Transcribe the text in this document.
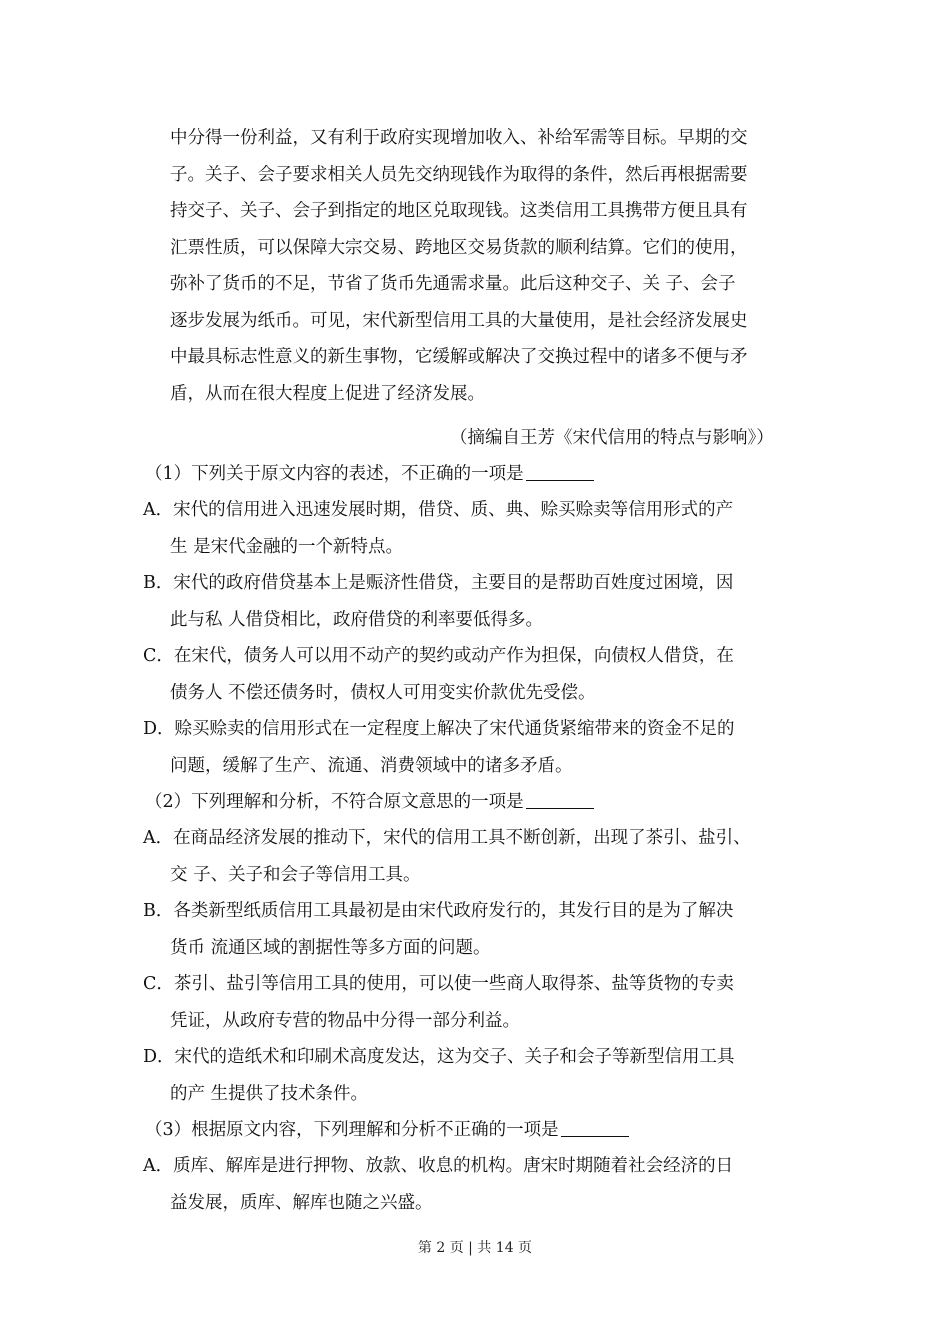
中分得一份利益，又有利于政府实现增加收入、补给军需等目标。早期的交

子。关子、会子要求相关人员先交纳现钱作为取得的条件，然后再根据需要

持交子、关子、会子到指定的地区兑取现钱。这类信用工具携带方便且具有

汇票性质，可以保障大宗交易、跨地区交易货款的顺利结算。它们的使用，

弥补了货币的不足，节省了货币先通需求量。此后这种交子、关 子、会子

逐步发展为纸币。可见，宋代新型信用工具的大量使用，是社会经济发展史

中最具标志性意义的新生事物，它缓解或解决了交换过程中的诸多不便与矛

盾，从而在很大程度上促进了经济发展。

（摘编自王芳《宋代信用的特点与影响》）
（1）下列关于原文内容的表述，不正确的一项是
A．宋代的信用进入迅速发展时期，借贷、质、典、赊买赊卖等信用形式的产
生 是宋代金融的一个新特点。
B．宋代的政府借贷基本上是赈济性借贷，主要目的是帮助百姓度过困境，因
此与私 人借贷相比，政府借贷的利率要低得多。
C．在宋代，债务人可以用不动产的契约或动产作为担保，向债权人借贷，在
债务人 不偿还债务时，债权人可用变实价款优先受偿。
D．赊买赊卖的信用形式在一定程度上解决了宋代通货紧缩带来的资金不足的
问题，缓解了生产、流通、消费领域中的诸多矛盾。
（2）下列理解和分析，不符合原文意思的一项是
A．在商品经济发展的推动下，宋代的信用工具不断创新，出现了茶引、盐引、
交 子、关子和会子等信用工具。
B．各类新型纸质信用工具最初是由宋代政府发行的，其发行目的是为了解决
货币 流通区域的割据性等多方面的问题。
C．茶引、盐引等信用工具的使用，可以使一些商人取得茶、盐等货物的专卖
凭证，从政府专营的物品中分得一部分利益。
D．宋代的造纸术和印刷术高度发达，这为交子、关子和会子等新型信用工具
的产 生提供了技术条件。
（3）根据原文内容，下列理解和分析不正确的一项是
A．质库、解库是进行押物、放款、收息的机构。唐宋时期随着社会经济的日
益发展，质库、解库也随之兴盛。
第 2 页 | 共 14 页
